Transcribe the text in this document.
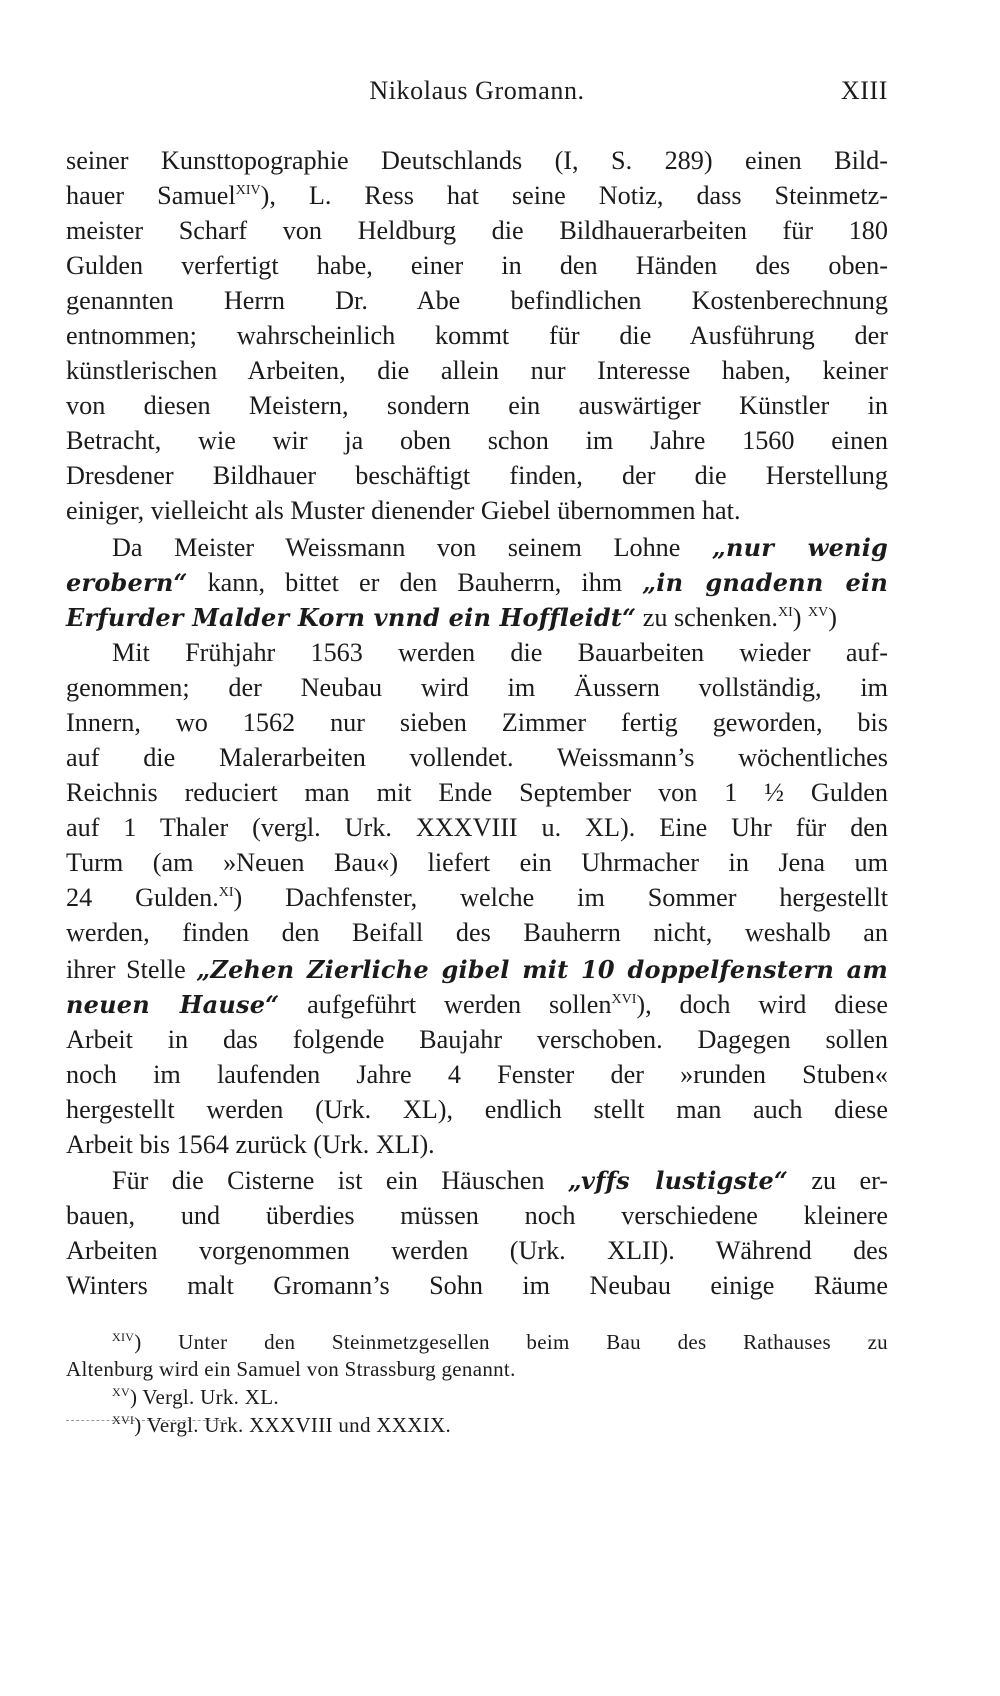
Nikolaus Gromann.	XIII
seiner Kunsttopographie Deutschlands (I, S. 289) einen Bild-
hauer Samuel$^{XIV}$), L. Ress hat seine Notiz, dass Steinmetz-
meister Scharf von Heldburg die Bildhauerarbeiten für 180
Gulden verfertigt habe, einer in den Händen des oben-
genannten Herrn Dr. Abe befindlichen Kostenberechnung
entnommen; wahrscheinlich kommt für die Ausführung der
künstlerischen Arbeiten, die allein nur Interesse haben, keiner
von diesen Meistern, sondern ein auswärtiger Künstler in
Betracht, wie wir ja oben schon im Jahre 1560 einen
Dresdener Bildhauer beschäftigt finden, der die Herstellung
einiger, vielleicht als Muster dienender Giebel übernommen hat.
Da Meister Weissmann von seinem Lohne „nur wenig
erobern“ kann, bittet er den Bauherrn, ihm „in gnadenn ein
Erfurder Malder Korn vnnd ein Hoffleidt“ zu schenken.$^{XI}$) $^{XV}$)
Mit Frühjahr 1563 werden die Bauarbeiten wieder auf-
genommen; der Neubau wird im Äussern vollständig, im
Innern, wo 1562 nur sieben Zimmer fertig geworden, bis
auf die Malerarbeiten vollendet. Weissmann’s wöchentliches
Reichnis reduciert man mit Ende September von 1 ½ Gulden
auf 1 Thaler (vergl. Urk. XXXVIII u. XL). Eine Uhr für den
Turm (am »Neuen Bau«) liefert ein Uhrmacher in Jena um
24 Gulden.$^{XI}$) Dachfenster, welche im Sommer hergestellt
werden, finden den Beifall des Bauherrn nicht, weshalb an
ihrer Stelle „Zehen Zierliche gibel mit 10 doppelfenstern am
neuen Hause“ aufgeführt werden sollen$^{XVI}$), doch wird diese
Arbeit in das folgende Baujahr verschoben. Dagegen sollen
noch im laufenden Jahre 4 Fenster der »runden Stuben«
hergestellt werden (Urk. XL), endlich stellt man auch diese
Arbeit bis 1564 zurück (Urk. XLI).
Für die Cisterne ist ein Häuschen „vffs lustigste“ zu er-
bauen, und überdies müssen noch verschiedene kleinere
Arbeiten vorgenommen werden (Urk. XLII). Während des
Winters malt Gromann’s Sohn im Neubau einige Räume
$^{XIV}$) Unter den Steinmetzgesellen beim Bau des Rathauses zu
Altenburg wird ein Samuel von Strassburg genannt.
$^{XV}$) Vergl. Urk. XL.
$^{XVI}$) Vergl. Urk. XXXVIII und XXXIX.
